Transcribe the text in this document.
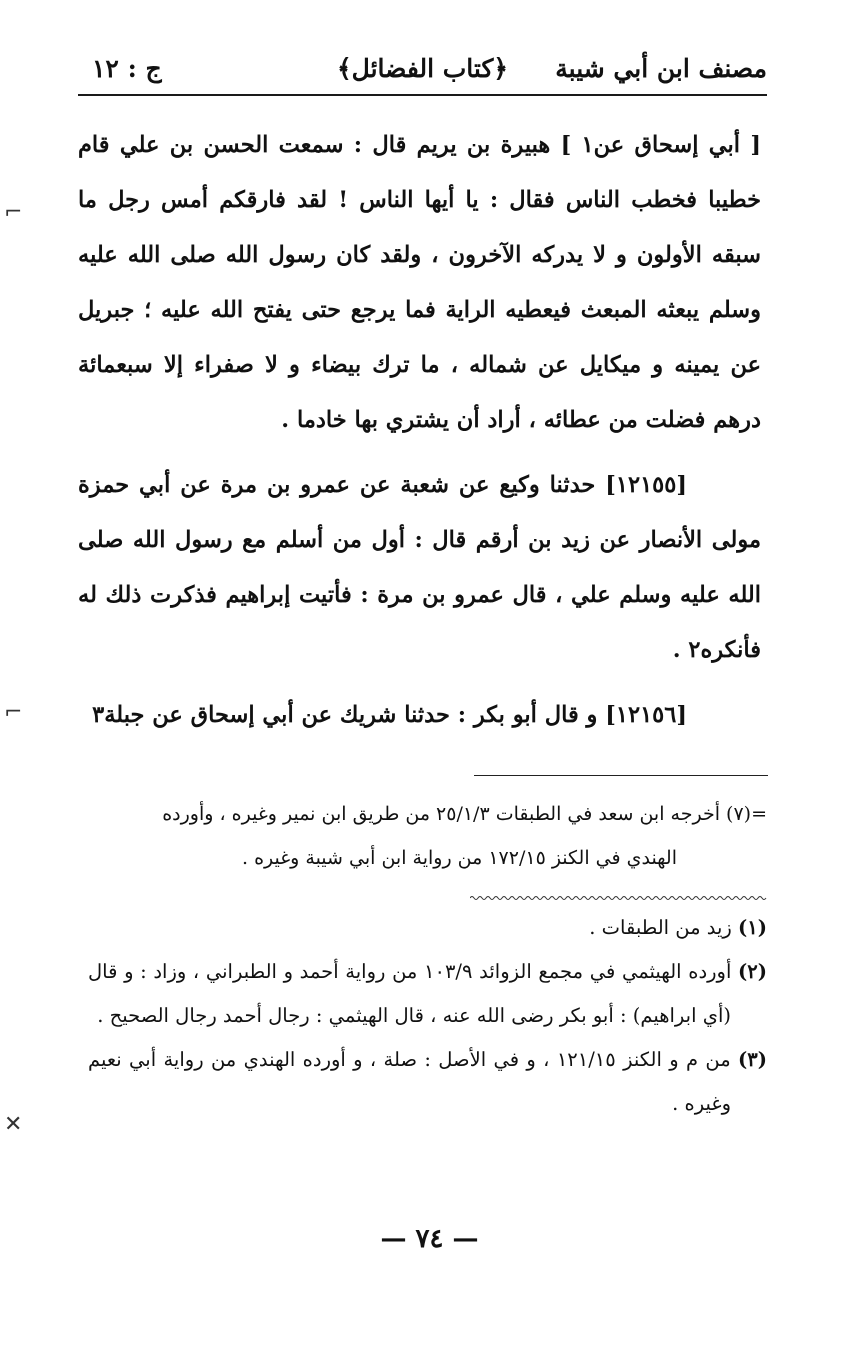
مصنف ابن أبي شيبة
﴿كتاب الفضائل﴾
ج : ١٢

[ أبي إسحاق عن١ ] هبيرة بن يريم قال : سمعت الحسن بن علي قام خطيبا فخطب الناس فقال : يا أيها الناس ! لقد فارقكم أمس رجل ما سبقه الأولون و لا يدركه الآخرون ، ولقد كان رسول الله صلى الله عليه وسلم يبعثه المبعث فيعطيه الراية فما يرجع حتى يفتح الله عليه ؛ جبريل عن يمينه و ميكايل عن شماله ، ما ترك بيضاء و لا صفراء إلا سبعمائة درهم فضلت من عطائه ، أراد أن يشتري بها خادما .

[١٢١٥٥] حدثنا وكيع عن شعبة عن عمرو بن مرة عن أبي حمزة مولى الأنصار عن زيد بن أرقم قال : أول من أسلم مع رسول الله صلى الله عليه وسلم علي ، قال عمرو بن مرة : فأتيت إبراهيم فذكرت ذلك له فأنكره٢ .

[١٢١٥٦] و قال أبو بكر : حدثنا شريك عن أبي إسحاق عن جبلة٣

=(٧) أخرجه ابن سعد في الطبقات ٢٥/١/٣ من طريق ابن نمير وغيره ، وأورده

الهندي في الكنز ١٧٢/١٥ من رواية ابن أبي شيبة وغيره .

(١) زيد من الطبقات .

(٢) أورده الهيثمي في مجمع الزوائد ١٠٣/٩ من رواية أحمد و الطبراني ، وزاد : و قال (أي ابراهيم) : أبو بكر رضى الله عنه ، قال الهيثمي : رجال أحمد رجال الصحيح .

(٣) من م و الكنز ١٢١/١٥ ، و في الأصل : صلة ، و أورده الهندي من رواية أبي نعيم وغيره .

— ٧٤ —
⌐
⌐
✕
